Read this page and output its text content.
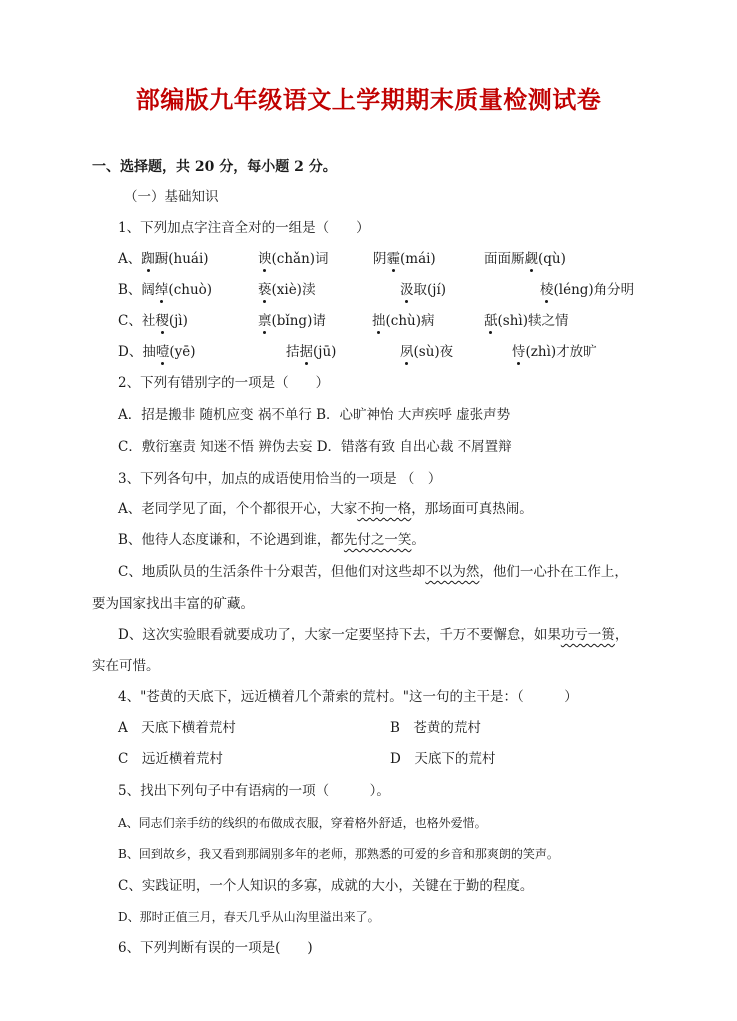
部编版九年级语文上学期期末质量检测试卷
一、选择题，共 20 分，每小题 2 分。
（一）基础知识
1、下列加点字注音全对的一组是（　　）
A、踟蹰(huái)	谀(chǎn)词	阴霾(mái)	面面厮觑(qù)
B、阔绰(chuò)	亵(xiè)渎	汲取(jí)	棱(léng)角分明
C、社稷(jì)	禀(bǐng)请	拙(chù)病	舐(shì)犊之情
D、抽噎(yē)	拮据(jū)	夙(sù)夜	恃(zhì)才放旷
2、下列有错别字的一项是（　　）
A．招是搬非 随机应变 祸不单行 B．心旷神怡 大声疾呼 虚张声势
C．敷衍塞责 知迷不悟 辨伪去妄 D．错落有致 自出心裁 不屑置辩
3、下列各句中，加点的成语使用恰当的一项是 （　）
A、老同学见了面，个个都很开心，大家不拘一格，那场面可真热闹。
B、他待人态度谦和，不论遇到谁，都先付之一笑。
C、地质队员的生活条件十分艰苦，但他们对这些却不以为然，他们一心扑在工作上，
要为国家找出丰富的矿藏。
D、这次实验眼看就要成功了，大家一定要坚持下去，千万不要懈怠，如果功亏一篑，
实在可惜。
4、"苍黄的天底下，远近横着几个萧索的荒村。"这一句的主干是：（　　　）
A　天底下横着荒村	B　苍黄的荒村
C　远近横着荒村	D　天底下的荒村
5、找出下列句子中有语病的一项（　　　）。
A、同志们亲手纺的线织的布做成衣服，穿着格外舒适，也格外爱惜。
B、回到故乡，我又看到那阔别多年的老师，那熟悉的可爱的乡音和那爽朗的笑声。
C、实践证明，一个人知识的多寡，成就的大小，关键在于勤的程度。
D、那时正值三月，春天几乎从山沟里溢出来了。
6、下列判断有误的一项是(　　)
